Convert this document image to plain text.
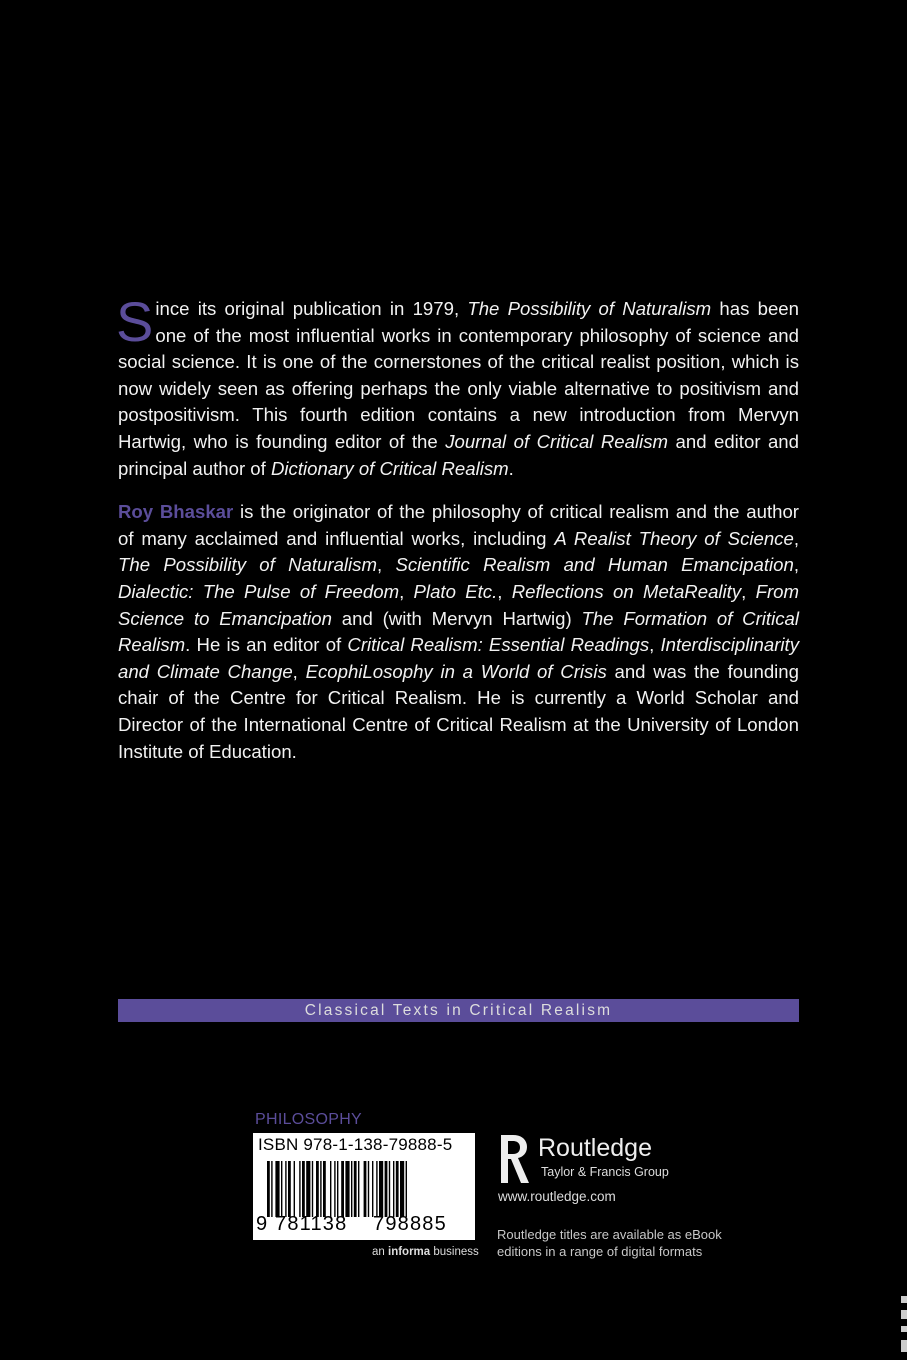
Since its original publication in 1979, The Possibility of Naturalism has been one of the most influential works in contemporary philosophy of science and social science. It is one of the cornerstones of the critical realist position, which is now widely seen as offering perhaps the only viable alternative to positivism and postpositivism. This fourth edition contains a new introduction from Mervyn Hartwig, who is founding editor of the Journal of Critical Realism and editor and principal author of Dictionary of Critical Realism.

Roy Bhaskar is the originator of the philosophy of critical realism and the author of many acclaimed and influential works, including A Realist Theory of Science, The Possibility of Naturalism, Scientific Realism and Human Emancipation, Dialectic: The Pulse of Freedom, Plato Etc., Reflections on MetaReality, From Science to Emancipation and (with Mervyn Hartwig) The Formation of Critical Realism. He is an editor of Critical Realism: Essential Readings, Interdisciplinarity and Climate Change, EcophiLosophy in a World of Crisis and was the founding chair of the Centre for Critical Realism. He is currently a World Scholar and Director of the International Centre of Critical Realism at the University of London Institute of Education.

Classical Texts in Critical Realism
PHILOSOPHY
ISBN 978-1-138-79888-5
9 781138 798885
an informa business
Routledge
Taylor & Francis Group
www.routledge.com
Routledge titles are available as eBook editions in a range of digital formats
